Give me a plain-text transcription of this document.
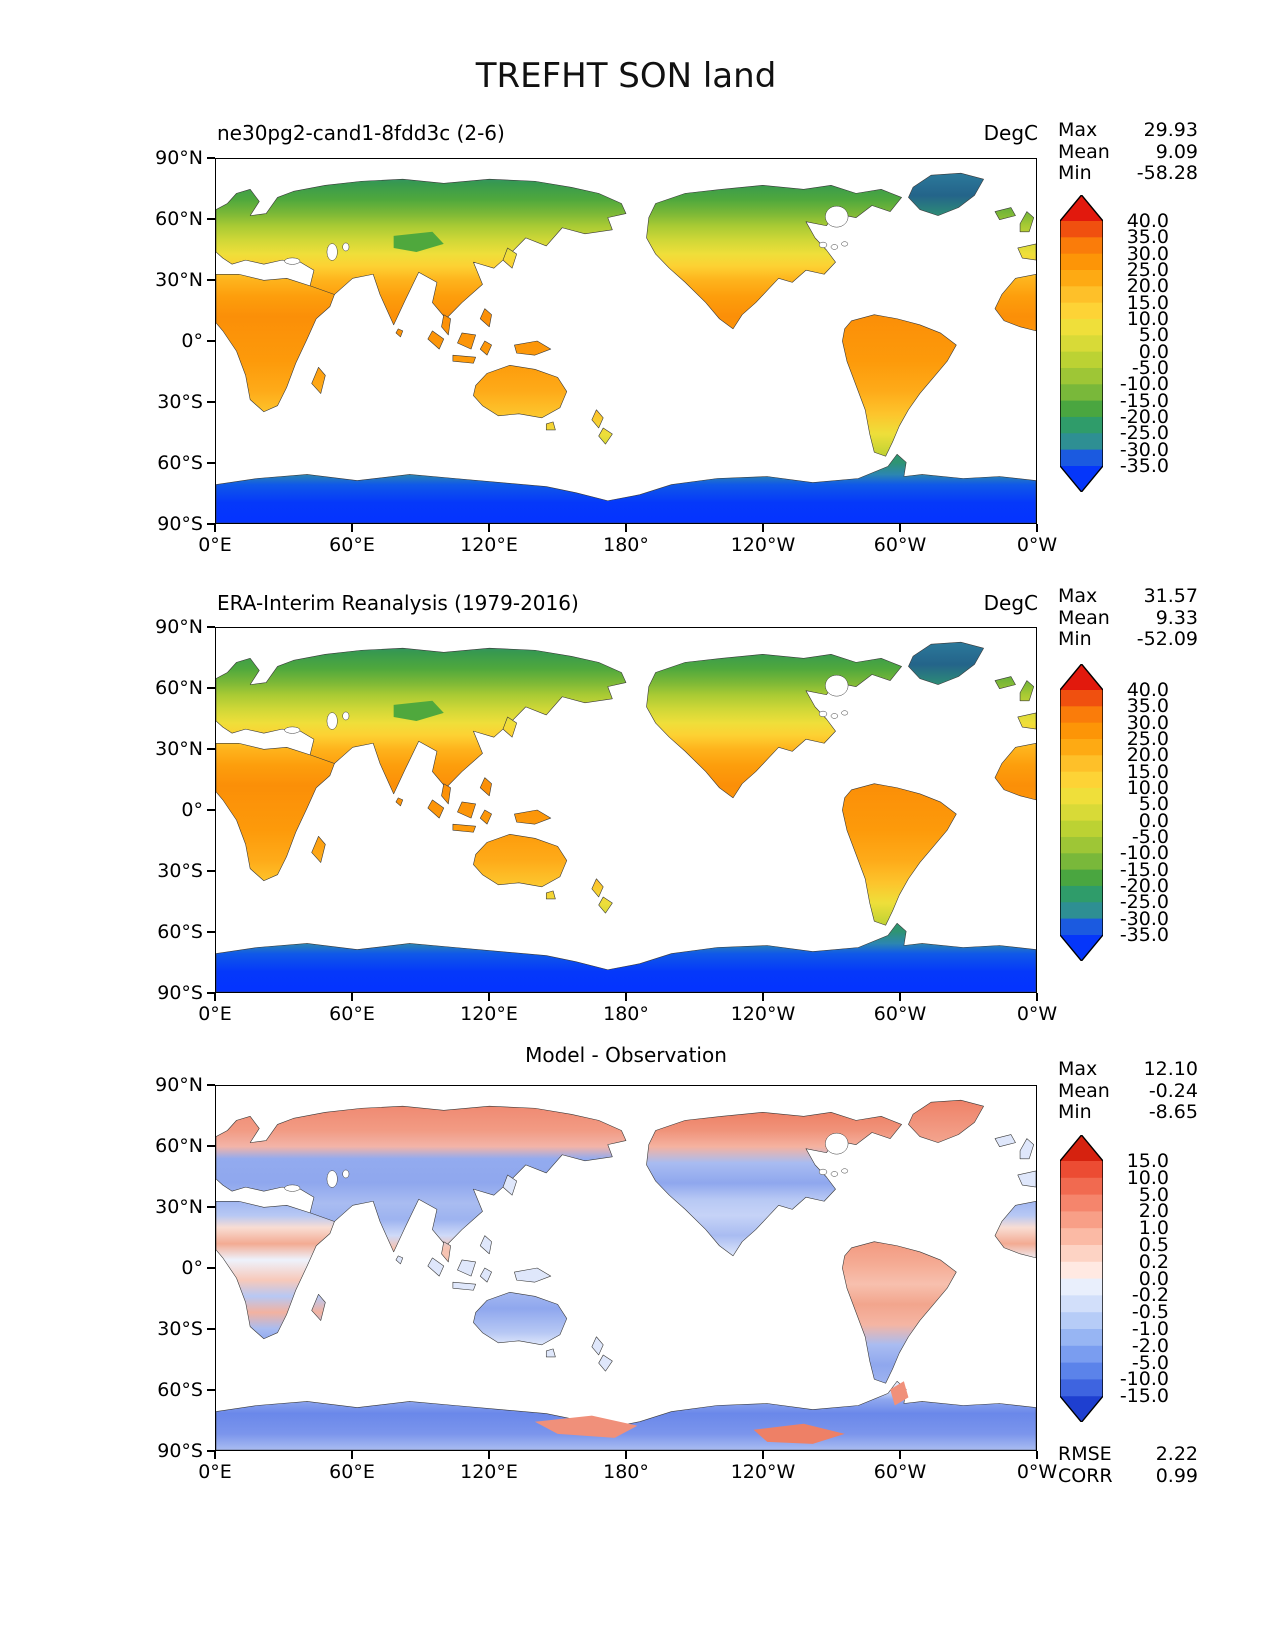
TREFHT SON land
ne30pg2-cand1-8fdd3c (2-6)	DegC Max	29.93
Mean	9.09
Min	-58.28
ERA-Interim Reanalysis (1979-2016)	DegC Max	31.57
Mean	9.33
Min	-52.09
Model - Observation
Max	12.10
Mean	-0.24
Min	-8.65
RMSE	2.22
CORR	0.99
0°E	60°E	120°E	180°	120°W	60°W	0°W
90°N
60°N
30°N
0°
30°S
60°S
90°S
0°E	60°E	120°E	180°	120°W	60°W	0°W
90°N
60°N
30°N
0°
30°S
60°S
90°S
0°E	60°E	120°E	180°	120°W	60°W	0°W
90°N
60°N
30°N
0°
30°S
60°S
90°S
40.0
35.0
30.0
25.0
20.0
15.0
10.0
5.0
0.0
-5.0
-10.0
-15.0
-20.0
-25.0
-30.0
-35.0
40.0
35.0
30.0
25.0
20.0
15.0
10.0
5.0
0.0
-5.0
-10.0
-15.0
-20.0
-25.0
-30.0
-35.0
15.0
10.0
5.0
2.0
1.0
0.5
0.2
0.0
-0.2
-0.5
-1.0
-2.0
-5.0
-10.0
-15.0
